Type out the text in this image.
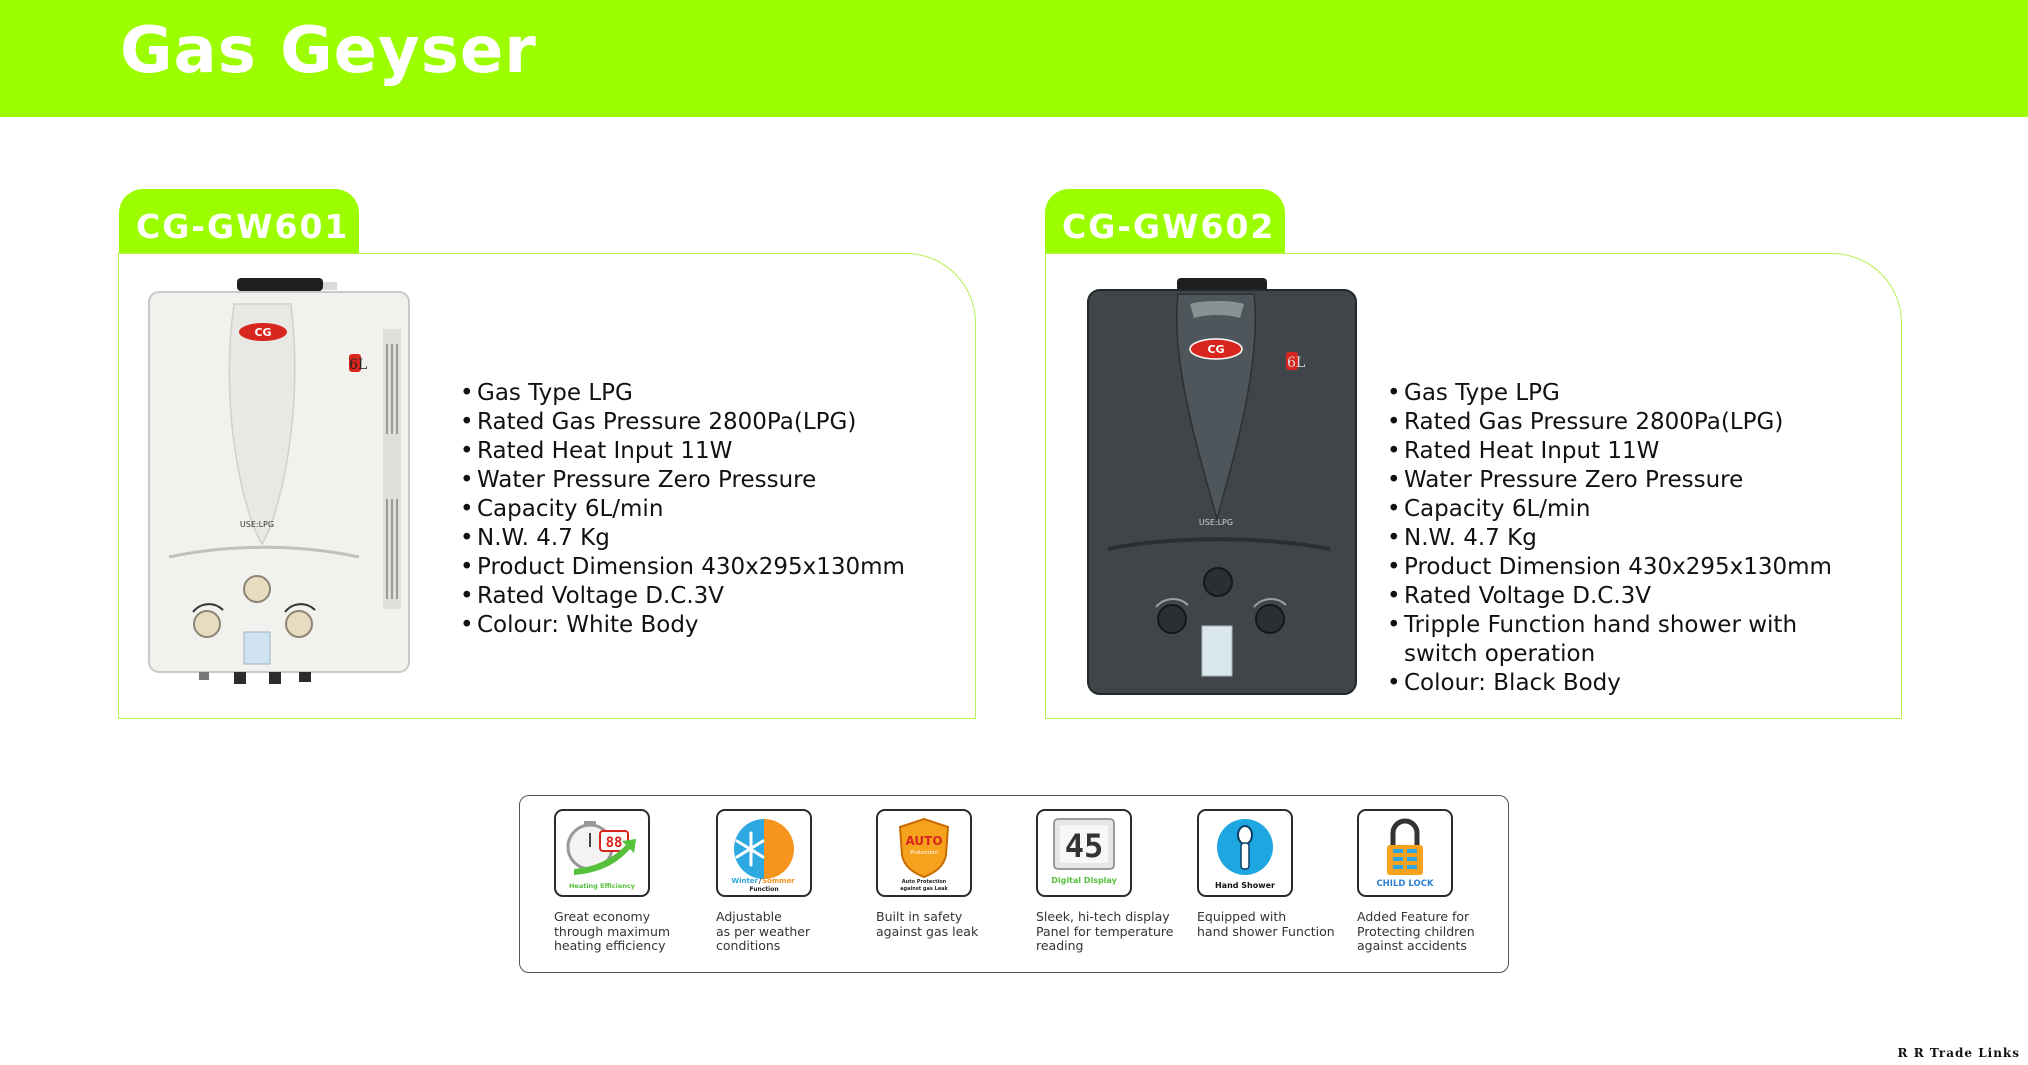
Gas Geyser
CG-GW601
CG
6L
USE:LPG
• Gas Type LPG
• Rated Gas Pressure 2800Pa(LPG)
• Rated Heat Input 11W
• Water Pressure Zero Pressure
• Capacity 6L/min
• N.W. 4.7 Kg
• Product Dimension 430x295x130mm
• Rated Voltage D.C.3V
• Colour: White Body
CG-GW602
CG
6L
USE:LPG
• Gas Type LPG
• Rated Gas Pressure 2800Pa(LPG)
• Rated Heat Input 11W
• Water Pressure Zero Pressure
• Capacity 6L/min
• N.W. 4.7 Kg
• Product Dimension 430x295x130mm
• Rated Voltage D.C.3V
• Tripple Function hand shower with
switch operation
• Colour: Black Body
88
Heating Efficiency
Great economy
through maximum
heating efficiency
Winter / Sommer
Function
Adjustable
as per weather
conditions
AUTO
Protection
Auto Protection
against gas Leak
Built in safety
against gas leak
45
Digital Display
Sleek, hi-tech display
Panel for temperature
reading
Hand Shower
Equipped with
hand shower Function
CHILD LOCK
Added Feature for
Protecting children
against accidents
R R Trade Links
